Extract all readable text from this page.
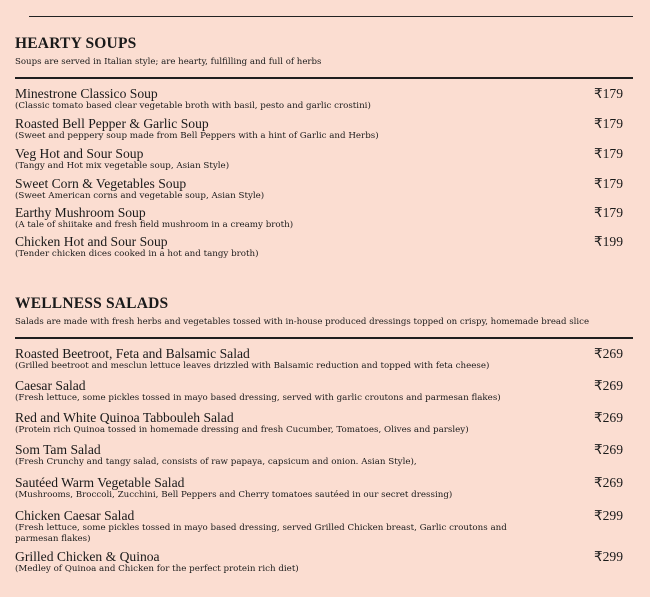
HEARTY SOUPS
Soups are served in Italian style; are hearty, fulfilling and full of herbs
Minestrone Classico Soup
(Classic tomato based clear vegetable broth with basil, pesto and garlic crostini)
₹179
Roasted Bell Pepper & Garlic Soup
(Sweet and peppery soup made from Bell Peppers with a hint of Garlic and Herbs)
₹179
Veg Hot and Sour Soup
(Tangy and Hot mix vegetable soup, Asian Style)
₹179
Sweet Corn & Vegetables Soup
(Sweet American corns and vegetable soup, Asian Style)
₹179
Earthy Mushroom Soup
(A tale of shiitake and fresh field mushroom in a creamy broth)
₹179
Chicken Hot and Sour Soup
(Tender chicken dices cooked in a hot and tangy broth)
₹199
WELLNESS SALADS
Salads are made with fresh herbs and vegetables tossed with in-house produced dressings topped on crispy, homemade bread slice
Roasted Beetroot, Feta and Balsamic Salad
(Grilled beetroot and mesclun lettuce leaves drizzled with Balsamic reduction and topped with feta cheese)
₹269
Caesar Salad
(Fresh lettuce, some pickles tossed in mayo based dressing, served with garlic croutons and parmesan flakes)
₹269
Red and White Quinoa Tabbouleh Salad
(Protein rich Quinoa tossed in homemade dressing and fresh Cucumber, Tomatoes, Olives and parsley)
₹269
Som Tam Salad
(Fresh Crunchy and tangy salad, consists of raw papaya, capsicum and onion. Asian Style),
₹269
Sautéed Warm Vegetable Salad
(Mushrooms, Broccoli, Zucchini, Bell Peppers and Cherry tomatoes sautéed in our secret dressing)
₹269
Chicken Caesar Salad
(Fresh lettuce, some pickles tossed in mayo based dressing, served Grilled Chicken breast, Garlic croutons and parmesan flakes)
₹299
Grilled Chicken & Quinoa
(Medley of Quinoa and Chicken for the perfect protein rich diet)
₹299
